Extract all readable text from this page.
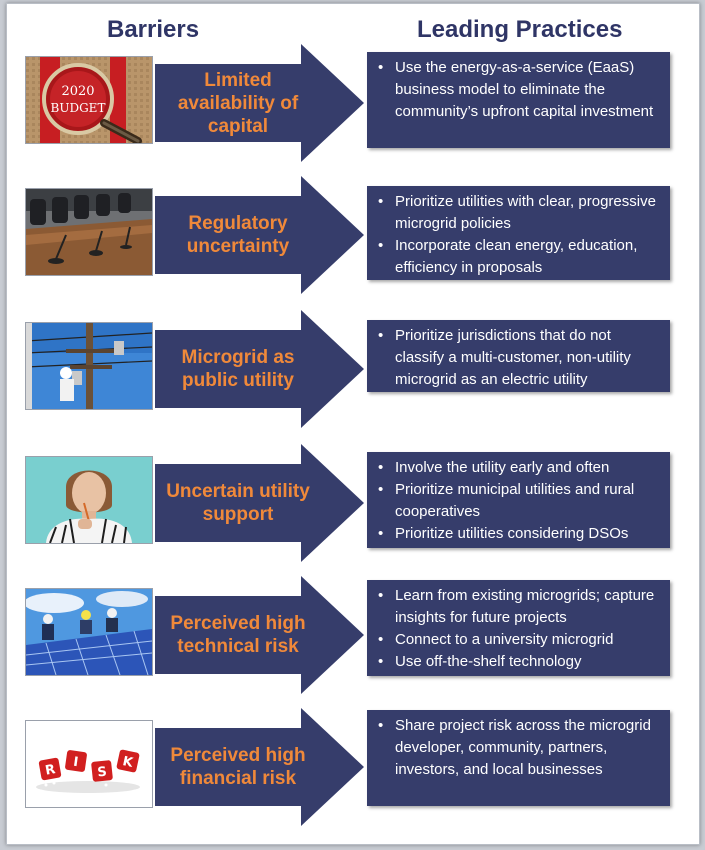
Barriers	Leading Practices
2020
BUDGET
Limited
availability of
capital
• Use the energy-as-a-service (EaaS) business model to eliminate the community’s upfront capital investment
Regulatory
uncertainty
• Prioritize utilities with clear, progressive microgrid policies
• Incorporate clean energy, education, efficiency in proposals
Microgrid as
public utility
• Prioritize jurisdictions that do not classify a multi-customer, non-utility microgrid as an electric utility
Uncertain utility
support
• Involve the utility early and often
• Prioritize municipal utilities and rural cooperatives
• Prioritize utilities considering DSOs
Perceived high
technical risk
• Learn from existing microgrids; capture insights for future projects
• Connect to a university microgrid
• Use off-the-shelf technology
R I
S
K Perceived high
financial risk
• Share project risk across the microgrid developer, community, partners, investors, and local businesses
